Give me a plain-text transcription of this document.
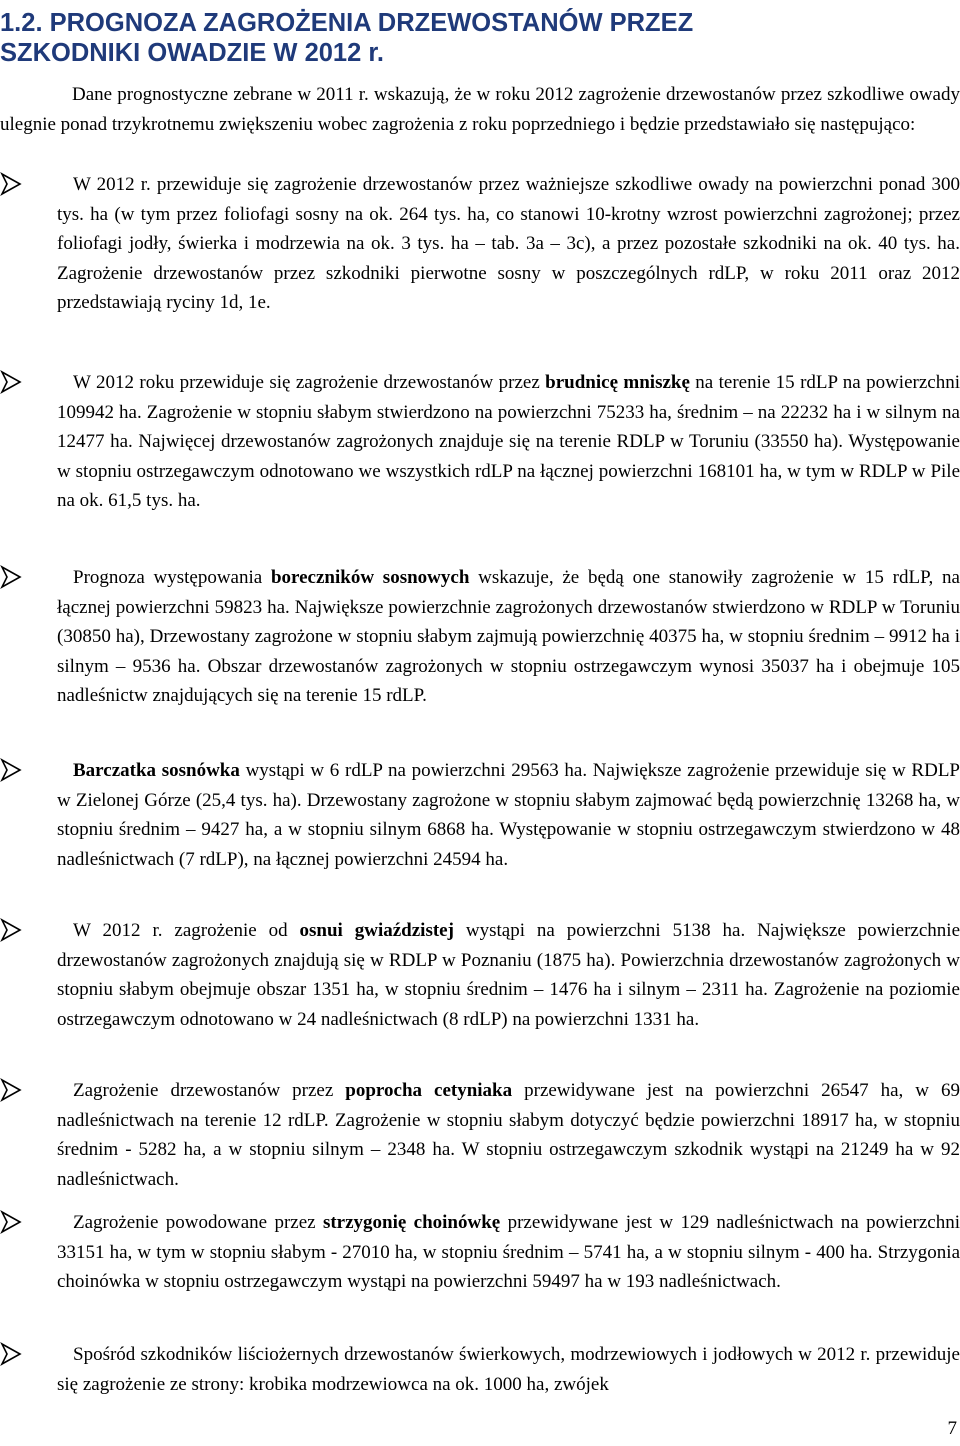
1.2. PROGNOZA ZAGROŻENIA DRZEWOSTANÓW PRZEZ
SZKODNIKI OWADZIE W 2012 r.

Dane prognostyczne zebrane w 2011 r. wskazują, że w roku 2012 zagrożenie drzewostanów przez szkodliwe owady ulegnie ponad trzykrotnemu zwiększeniu wobec zagrożenia z roku poprzedniego i będzie przedstawiało się następująco:

W 2012 r. przewiduje się zagrożenie drzewostanów przez ważniejsze szkodliwe owady na powierzchni ponad 300 tys. ha (w tym przez foliofagi sosny na ok. 264 tys. ha, co stanowi 10-krotny wzrost powierzchni zagrożonej; przez foliofagi jodły, świerka i modrzewia na ok. 3 tys. ha – tab. 3a – 3c), a przez pozostałe szkodniki na ok. 40 tys. ha. Zagrożenie drzewostanów przez szkodniki pierwotne sosny w poszczególnych rdLP, w roku 2011 oraz 2012 przedstawiają ryciny 1d, 1e.
W 2012 roku przewiduje się zagrożenie drzewostanów przez brudnicę mniszkę na terenie 15 rdLP na powierzchni 109942 ha. Zagrożenie w stopniu słabym stwierdzono na powierzchni 75233 ha, średnim – na 22232 ha i w silnym na 12477 ha. Najwięcej drzewostanów zagrożonych znajduje się na terenie RDLP w Toruniu (33550 ha). Występowanie w stopniu ostrzegawczym odnotowano we wszystkich rdLP na łącznej powierzchni 168101 ha, w tym w RDLP w Pile na ok. 61,5 tys. ha.
Prognoza występowania boreczników sosnowych wskazuje, że będą one stanowiły zagrożenie w 15 rdLP, na łącznej powierzchni 59823 ha. Największe powierzchnie zagrożonych drzewostanów stwierdzono w RDLP w Toruniu (30850 ha), Drzewostany zagrożone w stopniu słabym zajmują powierzchnię 40375 ha, w stopniu średnim – 9912 ha i silnym – 9536 ha. Obszar drzewostanów zagrożonych w stopniu ostrzegawczym wynosi 35037 ha i obejmuje 105 nadleśnictw znajdujących się na terenie 15 rdLP.
Barczatka sosnówka wystąpi w 6 rdLP na powierzchni 29563 ha. Największe zagrożenie przewiduje się w RDLP w Zielonej Górze (25,4 tys. ha). Drzewostany zagrożone w stopniu słabym zajmować będą powierzchnię 13268 ha, w stopniu średnim – 9427 ha, a w stopniu silnym 6868 ha. Występowanie w stopniu ostrzegawczym stwierdzono w 48 nadleśnictwach (7 rdLP), na łącznej powierzchni 24594 ha.
W 2012 r. zagrożenie od osnui gwiaździstej wystąpi na powierzchni 5138 ha. Największe powierzchnie drzewostanów zagrożonych znajdują się w RDLP w Poznaniu (1875 ha). Powierzchnia drzewostanów zagrożonych w stopniu słabym obejmuje obszar 1351 ha, w stopniu średnim – 1476 ha i silnym – 2311 ha. Zagrożenie na poziomie ostrzegawczym odnotowano w 24 nadleśnictwach (8 rdLP) na powierzchni 1331 ha.
Zagrożenie drzewostanów przez poprocha cetyniaka przewidywane jest na powierzchni 26547 ha, w 69 nadleśnictwach na terenie 12 rdLP. Zagrożenie w stopniu słabym dotyczyć będzie powierzchni 18917 ha, w stopniu średnim - 5282 ha, a w stopniu silnym – 2348 ha. W stopniu ostrzegawczym szkodnik wystąpi na 21249 ha w 92 nadleśnictwach.
Zagrożenie powodowane przez strzygonię choinówkę przewidywane jest w 129 nadleśnictwach na powierzchni 33151 ha, w tym w stopniu słabym - 27010 ha, w stopniu średnim – 5741 ha, a w stopniu silnym - 400 ha. Strzygonia choinówka w stopniu ostrzegawczym wystąpi na powierzchni 59497 ha w 193 nadleśnictwach.
Spośród szkodników liściożernych drzewostanów świerkowych, modrzewiowych i jodłowych w 2012 r. przewiduje się zagrożenie ze strony: krobika modrzewiowca na ok. 1000 ha, zwójek
7
